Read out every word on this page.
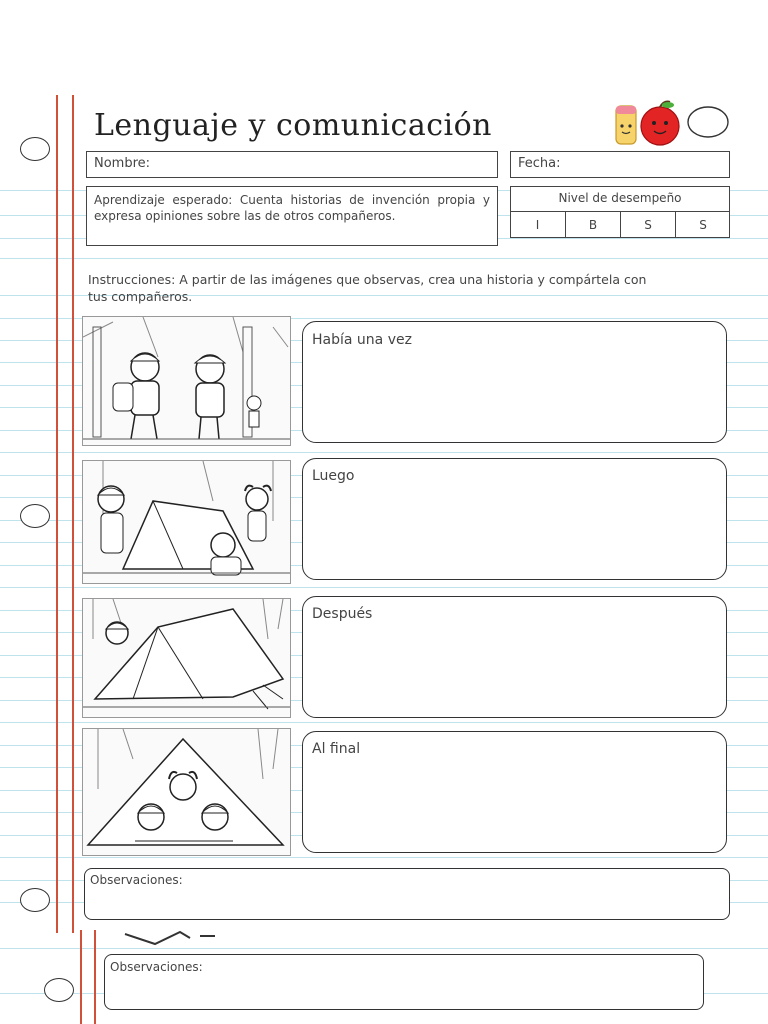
Lenguaje y comunicación
Nombre:	Fecha:
Aprendizaje esperado: Cuenta historias de invención propia y expresa opiniones sobre las de otros compañeros.
Nivel de desempeño
I	B	S	S
Instrucciones: A partir de las imágenes que observas, crea una historia y compártela con tus compañeros.
Había una vez
Luego
Después
Al final
Observaciones:
Observaciones:
